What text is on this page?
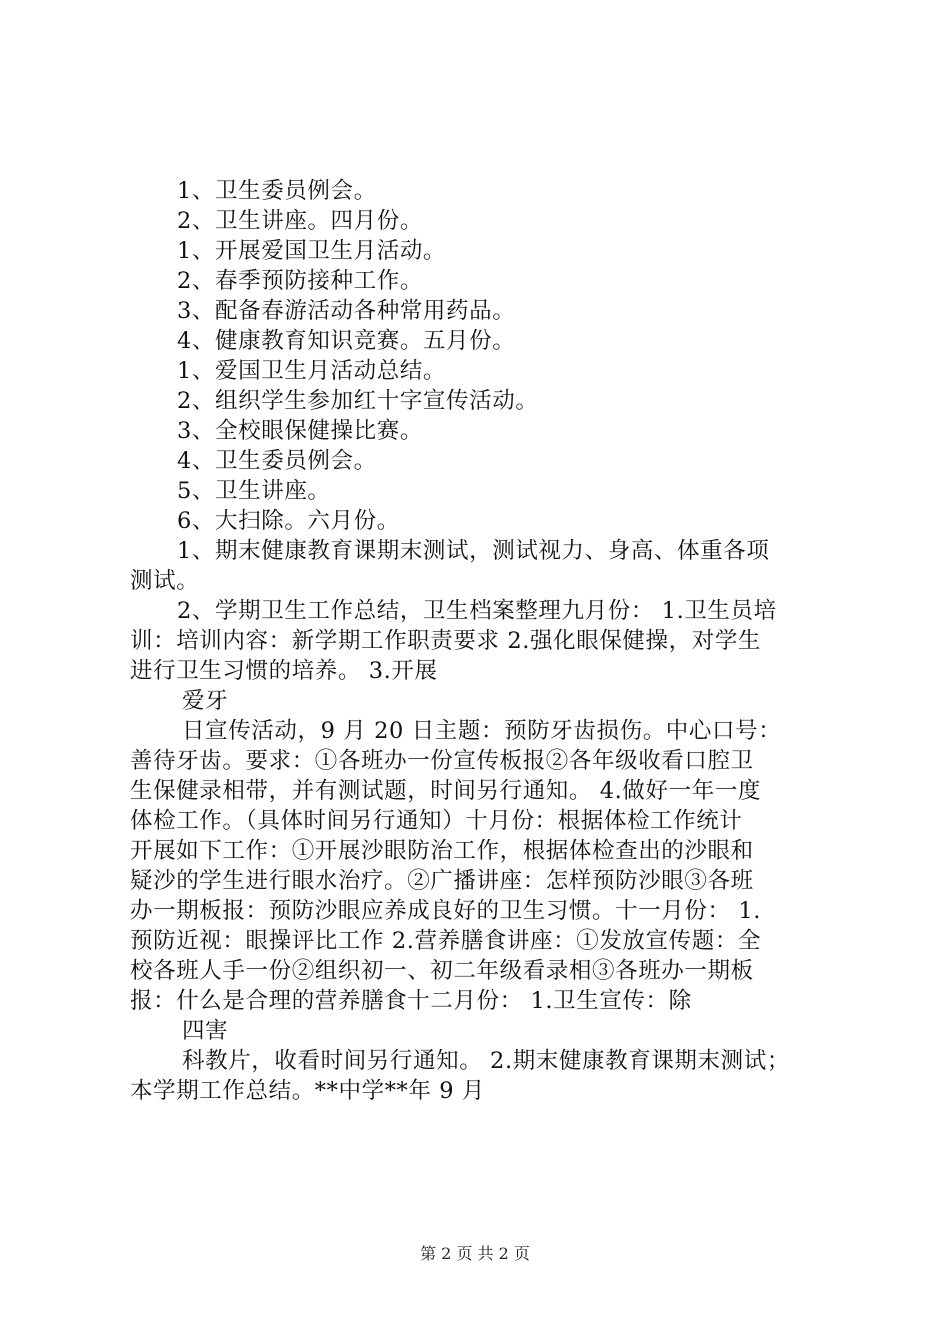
1、卫生委员例会。
2、卫生讲座。四月份。
1、开展爱国卫生月活动。
2、春季预防接种工作。
3、配备春游活动各种常用药品。
4、健康教育知识竞赛。五月份。
1、爱国卫生月活动总结。
2、组织学生参加红十字宣传活动。
3、全校眼保健操比赛。
4、卫生委员例会。
5、卫生讲座。
6、大扫除。六月份。
1、期末健康教育课期末测试，测试视力、身高、体重各项
测试。
2、学期卫生工作总结，卫生档案整理九月份： 1.卫生员培
训：培训内容：新学期工作职责要求 2.强化眼保健操，对学生
进行卫生习惯的培养。 3.开展
爱牙
日宣传活动，9 月 20 日主题：预防牙齿损伤。中心口号：
善待牙齿。要求：①各班办一份宣传板报②各年级收看口腔卫
生保健录相带，并有测试题，时间另行通知。 4.做好一年一度
体检工作。（具体时间另行通知）十月份：根据体检工作统计
开展如下工作：①开展沙眼防治工作，根据体检查出的沙眼和
疑沙的学生进行眼水治疗。②广播讲座：怎样预防沙眼③各班
办一期板报：预防沙眼应养成良好的卫生习惯。十一月份： 1.
预防近视：眼操评比工作 2.营养膳食讲座：①发放宣传题：全
校各班人手一份②组织初一、初二年级看录相③各班办一期板
报：什么是合理的营养膳食十二月份： 1.卫生宣传：除
四害
科教片，收看时间另行通知。 2.期末健康教育课期末测试；
本学期工作总结。**中学**年 9 月
第 2 页 共 2 页
